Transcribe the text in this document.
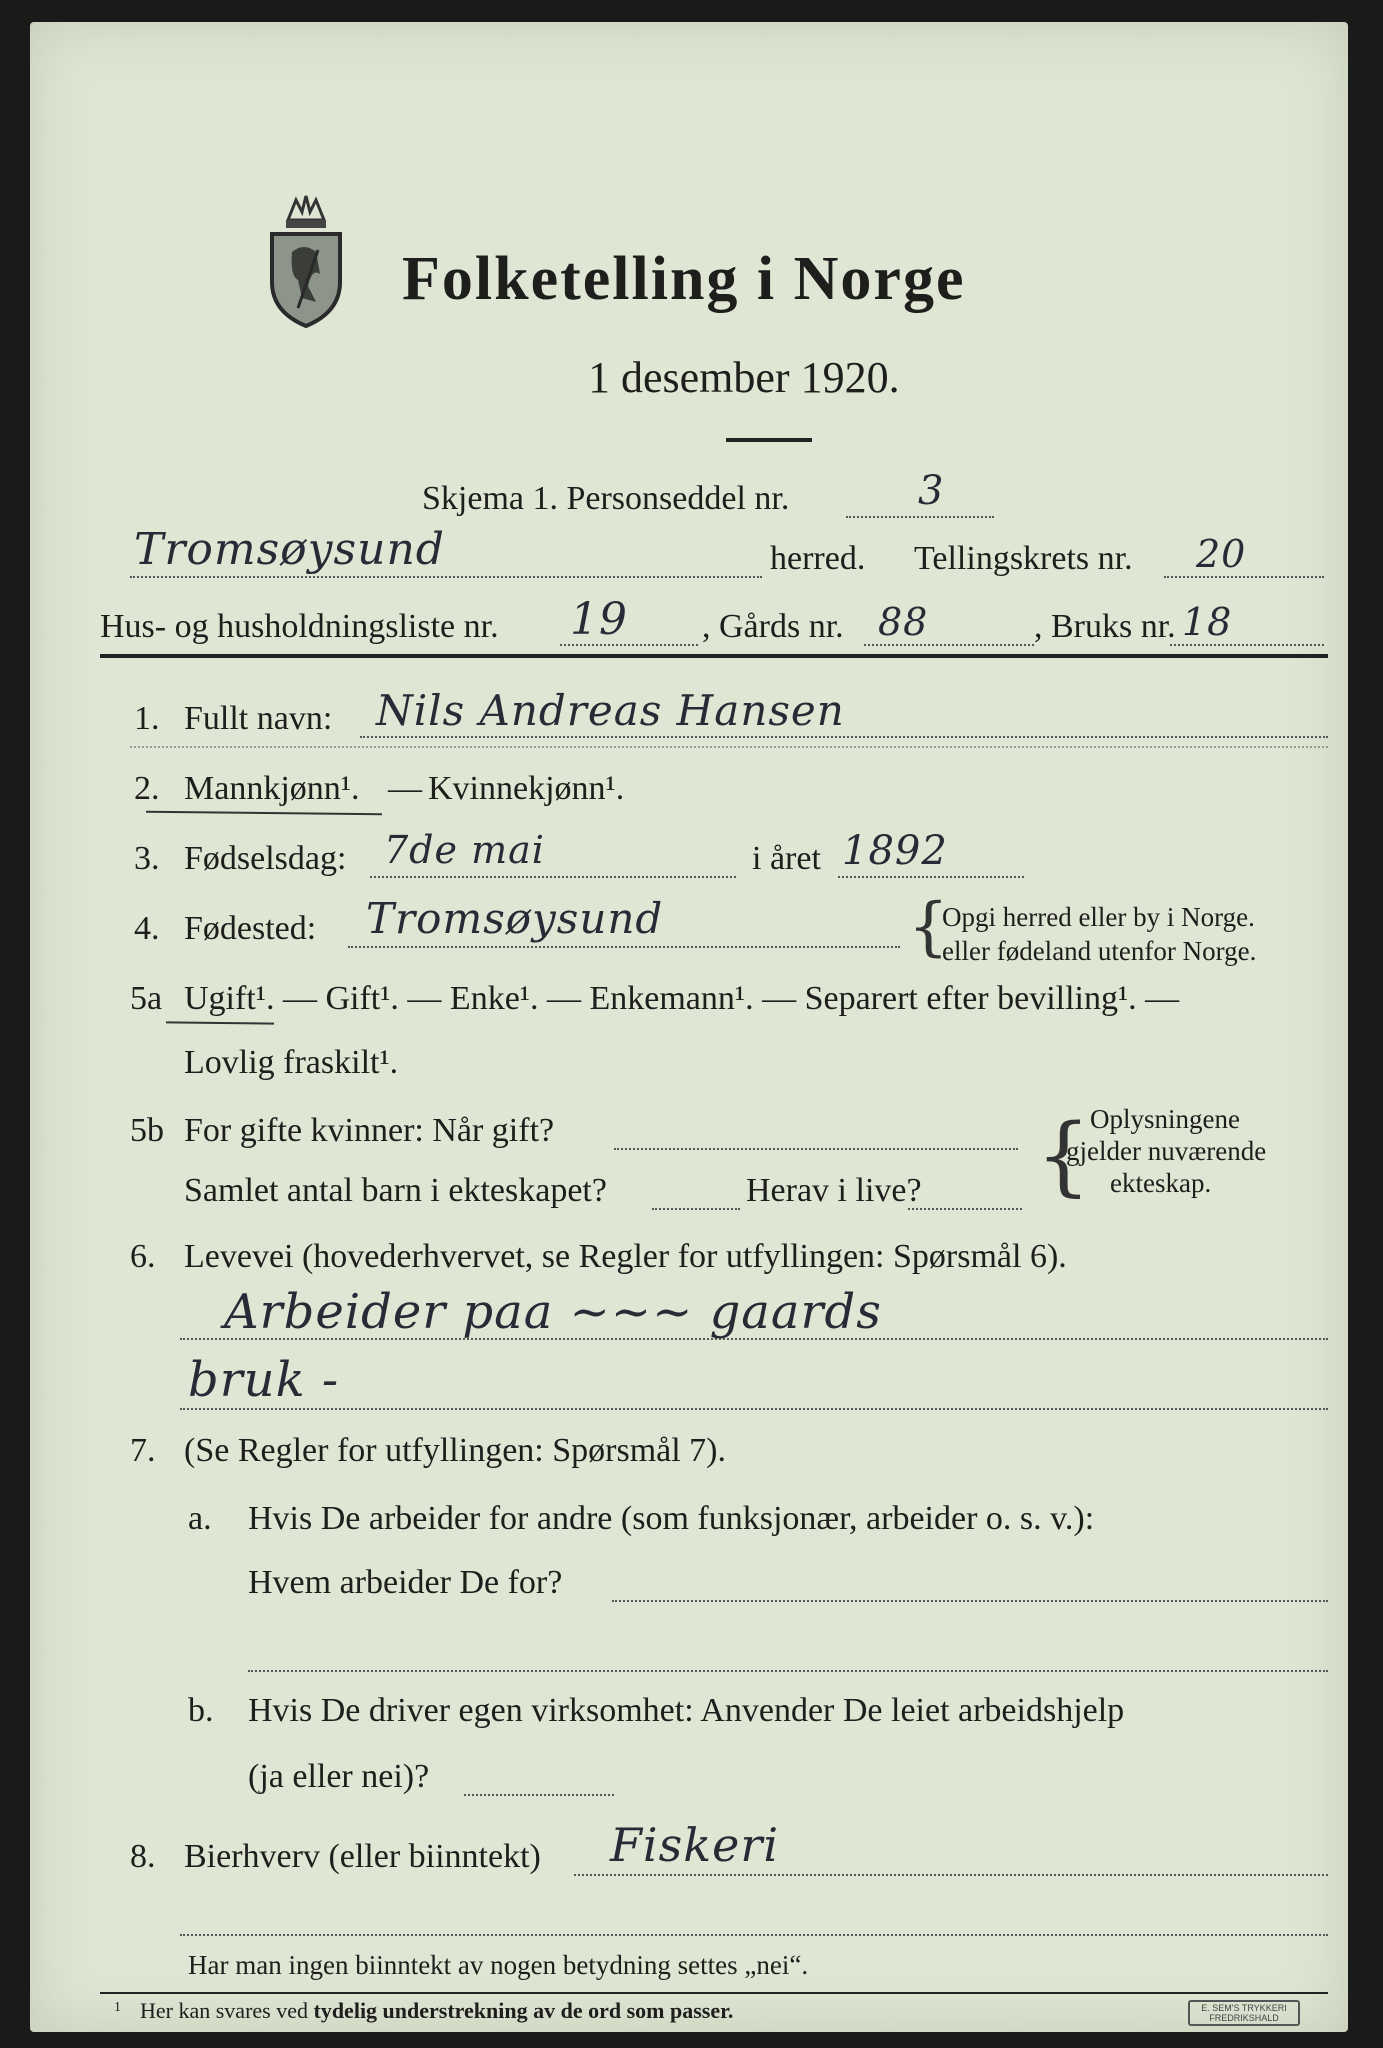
Folketelling i Norge
1 desember 1920.
Skjema 1. Personseddel nr.	3
Tromsøysund	herred. Tellingskrets nr. 20
Hus- og husholdningsliste nr. 19 , Gårds nr. 88	, Bruks nr. 18
1. Fullt navn: Nils Andreas Hansen
2. Mannkjønn¹. — Kvinnekjønn¹.
3. Fødselsdag: 7de mai	i året 1892
4. Fødested: Tromsøysund	{
Opgi herred eller by i Norge.
eller fødeland utenfor Norge.
5a Ugift¹. — Gift¹. — Enke¹. — Enkemann¹. — Separert efter bevilling¹. —
Lovlig fraskilt¹.
5b For gifte kvinner: Når gift?
Samlet antal barn i ekteskapet?	Herav i live? { Oplysningene
gjelder nuværende
ekteskap.
6. Levevei (hovederhvervet, se Regler for utfyllingen: Spørsmål 6).
Arbeider paa ~~~ gaards
bruk -
7. (Se Regler for utfyllingen: Spørsmål 7).
a. Hvis De arbeider for andre (som funksjonær, arbeider o. s. v.):
Hvem arbeider De for?
b. Hvis De driver egen virksomhet: Anvender De leiet arbeidshjelp
(ja eller nei)?
8. Bierhverv (eller biinntekt) Fiskeri
Har man ingen biinntekt av nogen betydning settes „nei“.
1 Her kan svares ved tydelig understrekning av de ord som passer.	E. SEM'S TRYKKERI FREDRIKSHALD
